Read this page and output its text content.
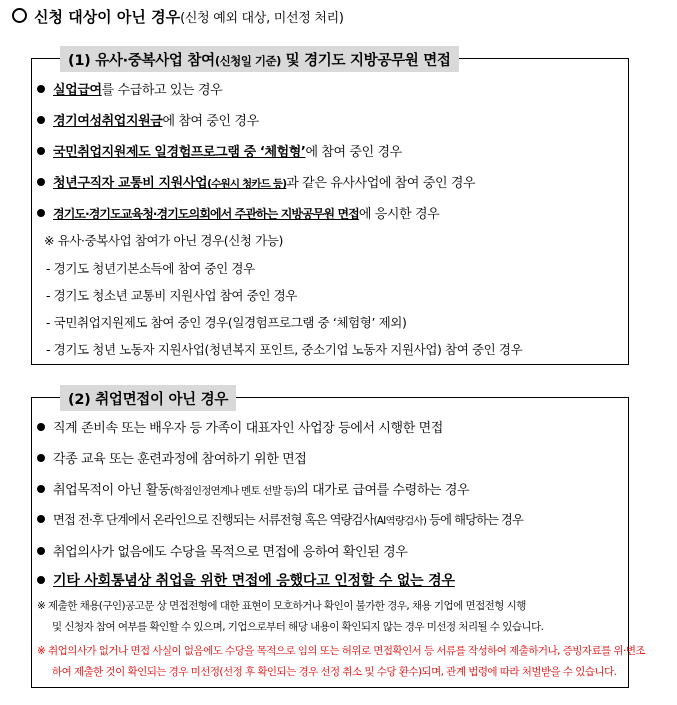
신청 대상이 아닌 경우(신청 예외 대상, 미선정 처리)
(1) 유사·중복사업 참여(신청일 기준) 및 경기도 지방공무원 면접
실업급여를 수급하고 있는 경우
경기여성취업지원금에 참여 중인 경우
국민취업지원제도 일경험프로그램 중 ‘체험형’에 참여 중인 경우
청년구직자 교통비 지원사업(수원시 청카드 등)과 같은 유사사업에 참여 중인 경우
경기도·경기도교육청·경기도의회에서 주관하는 지방공무원 면접에 응시한 경우
※ 유사·중복사업 참여가 아닌 경우(신청 가능)
- 경기도 청년기본소득에 참여 중인 경우
- 경기도 청소년 교통비 지원사업 참여 중인 경우
- 국민취업지원제도 참여 중인 경우(일경험프로그램 중 ‘체험형’ 제외)
- 경기도 청년 노동자 지원사업(청년복지 포인트, 중소기업 노동자 지원사업) 참여 중인 경우
(2) 취업면접이 아닌 경우
직계 존비속 또는 배우자 등 가족이 대표자인 사업장 등에서 시행한 면접
각종 교육 또는 훈련과정에 참여하기 위한 면접
취업목적이 아닌 활동(학점인정연계나 멘토 선발 등)의 대가로 급여를 수령하는 경우
면접 전·후 단계에서 온라인으로 진행되는 서류전형 혹은 역량검사(AI역량검사) 등에 해당하는 경우
취업의사가 없음에도 수당을 목적으로 면접에 응하여 확인된 경우
기타 사회통념상 취업을 위한 면접에 응했다고 인정할 수 없는 경우
※ 제출한 채용(구인)공고문 상 면접전형에 대한 표현이 모호하거나 확인이 불가한 경우, 채용 기업에 면접전형 시행
및 신청자 참여 여부를 확인할 수 있으며, 기업으로부터 해당 내용이 확인되지 않는 경우 미선정 처리될 수 있습니다.
※ 취업의사가 없거나 면접 사실이 없음에도 수당을 목적으로 임의 또는 허위로 면접확인서 등 서류를 작성하여 제출하거나, 증빙자료를 위·변조
하여 제출한 것이 확인되는 경우 미선정(선정 후 확인되는 경우 선정 취소 및 수당 환수)되며, 관계 법령에 따라 처벌받을 수 있습니다.
